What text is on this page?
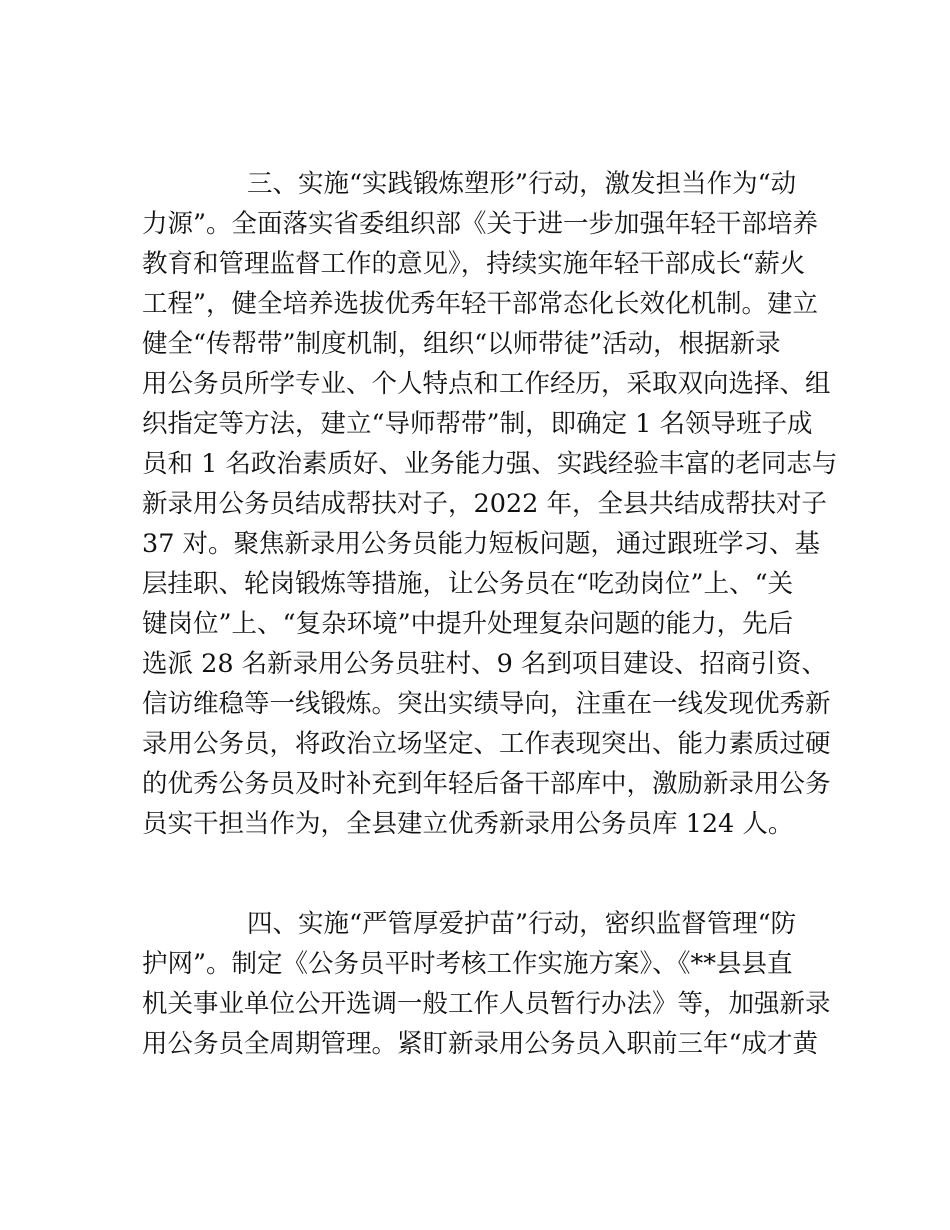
三、实施“实践锻炼塑形”行动，激发担当作为“动
力源”。全面落实省委组织部《关于进一步加强年轻干部培养
教育和管理监督工作的意见》，持续实施年轻干部成长“薪火
工程”，健全培养选拔优秀年轻干部常态化长效化机制。建立
健全“传帮带”制度机制，组织“以师带徒”活动，根据新录
用公务员所学专业、个人特点和工作经历，采取双向选择、组
织指定等方法，建立“导师帮带”制，即确定 1 名领导班子成
员和 1 名政治素质好、业务能力强、实践经验丰富的老同志与
新录用公务员结成帮扶对子，2022 年，全县共结成帮扶对子
37 对。聚焦新录用公务员能力短板问题，通过跟班学习、基
层挂职、轮岗锻炼等措施，让公务员在“吃劲岗位”上、“关
键岗位”上、“复杂环境”中提升处理复杂问题的能力，先后
选派 28 名新录用公务员驻村、9 名到项目建设、招商引资、
信访维稳等一线锻炼。突出实绩导向，注重在一线发现优秀新
录用公务员，将政治立场坚定、工作表现突出、能力素质过硬
的优秀公务员及时补充到年轻后备干部库中，激励新录用公务
员实干担当作为，全县建立优秀新录用公务员库 124 人。
四、实施“严管厚爱护苗”行动，密织监督管理“防
护网”。制定《公务员平时考核工作实施方案》、《**县县直
机关事业单位公开选调一般工作人员暂行办法》等，加强新录
用公务员全周期管理。紧盯新录用公务员入职前三年“成才黄
